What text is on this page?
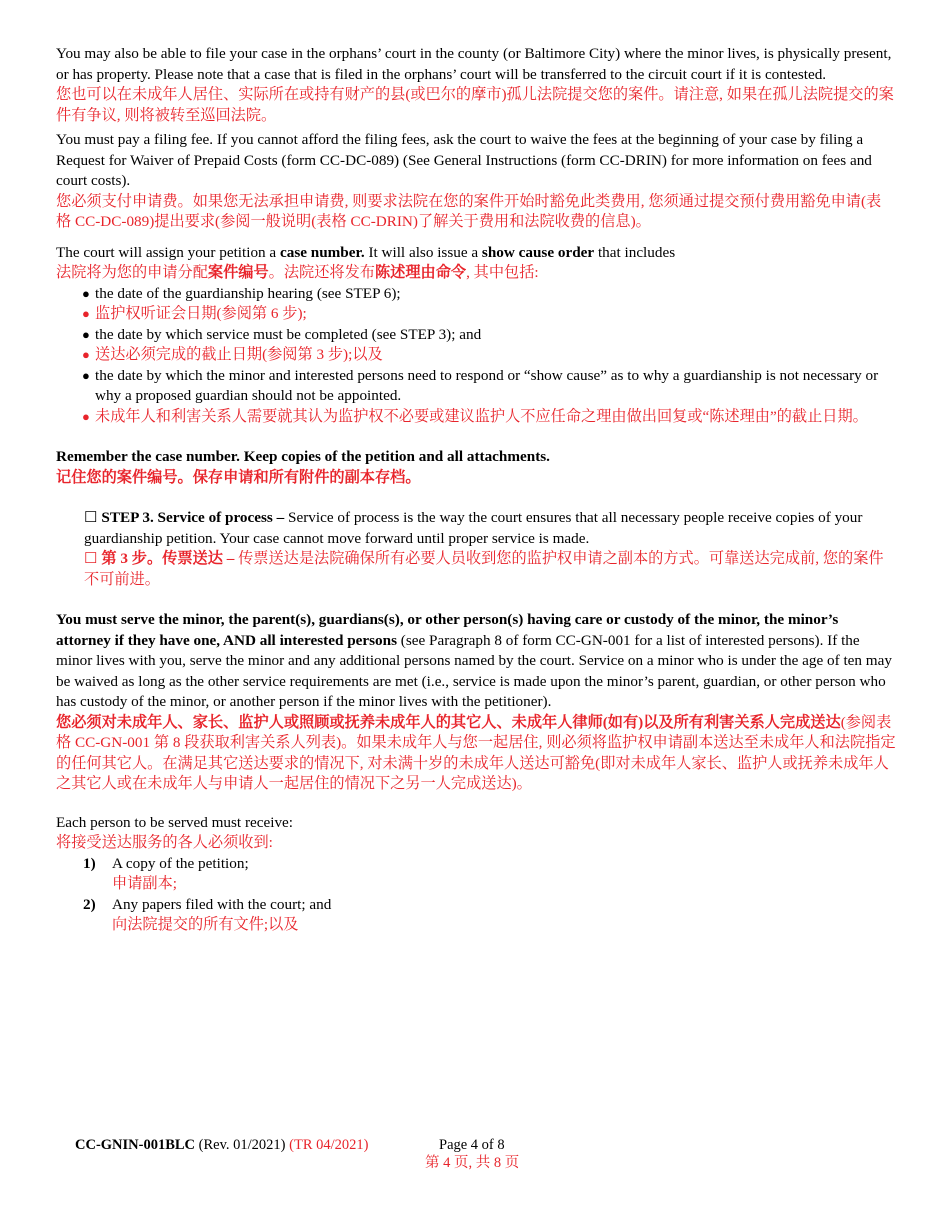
You may also be able to file your case in the orphans’ court in the county (or Baltimore City) where the minor lives, is physically present, or has property. Please note that a case that is filed in the orphans’ court will be transferred to the circuit court if it is contested.

您也可以在未成年人居住、实际所在或持有财产的县(或巴尔的摩市)孤儿法院提交您的案件。请注意, 如果在孤儿法院提交的案件有争议, 则将被转至巡回法院。

You must pay a filing fee. If you cannot afford the filing fees, ask the court to waive the fees at the beginning of your case by filing a Request for Waiver of Prepaid Costs (form CC-DC-089) (See General Instructions (form CC-DRIN) for more information on fees and court costs).

您必须支付申请费。如果您无法承担申请费, 则要求法院在您的案件开始时豁免此类费用, 您须通过提交预付费用豁免申请(表格 CC-DC-089)提出要求(参阅一般说明(表格 CC-DRIN)了解关于费用和法院收费的信息)。

The court will assign your petition a case number. It will also issue a show cause order that includes

法院将为您的申请分配案件编号。法院还将发布陈述理由命令, 其中包括:

● the date of the guardianship hearing (see STEP 6);
● 监护权听证会日期(参阅第 6 步);
● the date by which service must be completed (see STEP 3); and
● 送达必须完成的截止日期(参阅第 3 步);以及
● the date by which the minor and interested persons need to respond or “show cause” as to why a guardianship is not necessary or why a proposed guardian should not be appointed.
● 未成年人和利害关系人需要就其认为监护权不必要或建议监护人不应任命之理由做出回复或“陈述理由”的截止日期。

Remember the case number. Keep copies of the petition and all attachments.

记住您的案件编号。保存申请和所有附件的副本存档。

☐ STEP 3. Service of process – Service of process is the way the court ensures that all necessary people receive copies of your guardianship petition. Your case cannot move forward until proper service is made.

☐ 第 3 步。传票送达 – 传票送达是法院确保所有必要人员收到您的监护权申请之副本的方式。可靠送达完成前, 您的案件不可前进。

You must serve the minor, the parent(s), guardians(s), or other person(s) having care or custody of the minor, the minor’s attorney if they have one, AND all interested persons (see Paragraph 8 of form CC-GN-001 for a list of interested persons). If the minor lives with you, serve the minor and any additional persons named by the court. Service on a minor who is under the age of ten may be waived as long as the other service requirements are met (i.e., service is made upon the minor’s parent, guardian, or other person who has custody of the minor, or another person if the minor lives with the petitioner).

您必须对未成年人、家长、监护人或照顾或抚养未成年人的其它人、未成年人律师(如有)以及所有利害关系人完成送达(参阅表格 CC-GN-001 第 8 段获取利害关系人列表)。如果未成年人与您一起居住, 则必须将监护权申请副本送达至未成年人和法院指定的任何其它人。在满足其它送达要求的情况下, 对未满十岁的未成年人送达可豁免(即对未成年人家长、监护人或抚养未成年人之其它人或在未成年人与申请人一起居住的情况下之另一人完成送达)。

Each person to be served must receive:

将接受送达服务的各人必须收到:

1) A copy of the petition;
申请副本;
2) Any papers filed with the court; and
向法院提交的所有文件;以及
CC-GNIN-001BLC (Rev. 01/2021) (TR 04/2021)	Page 4 of 8
第 4 页, 共 8 页
